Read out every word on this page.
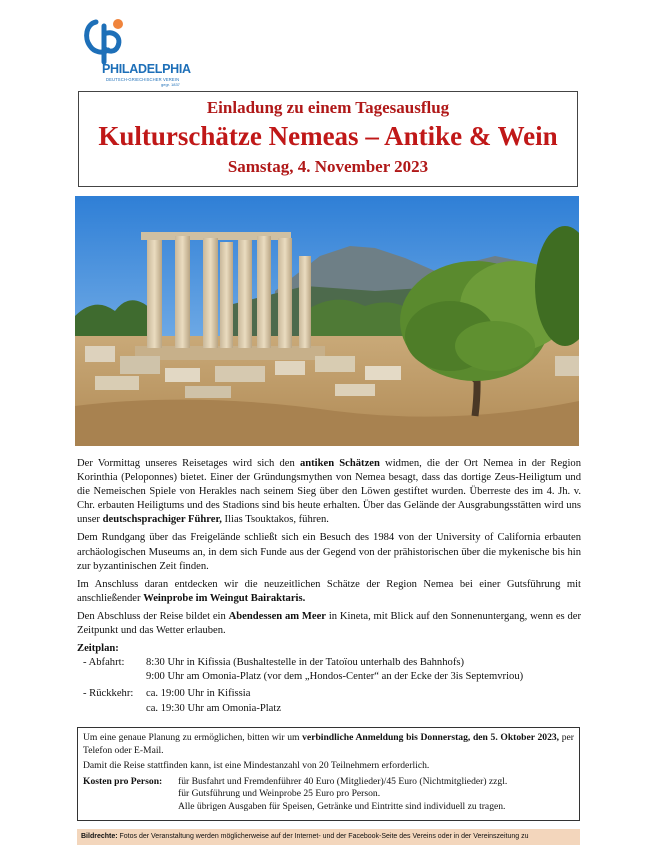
PHILADELPHIA
DEUTSCH-GRIECHISCHER VEREIN
gegr. 1837
Einladung zu einem Tagesausflug
Kulturschätze Nemeas – Antike & Wein
Samstag, 4. November 2023

Der Vormittag unseres Reisetages wird sich den antiken Schätzen widmen, die der Ort Nemea in der Region Korinthia (Peloponnes) bietet. Einer der Gründungsmythen von Nemea besagt, dass das dortige Zeus-Heiligtum und die Nemeischen Spiele von Herakles nach seinem Sieg über den Löwen gestiftet wurden. Überreste des im 4. Jh. v. Chr. erbauten Heiligtums und des Stadions sind bis heute erhalten. Über das Gelände der Ausgrabungsstätten wird uns unser deutschsprachiger Führer, Ilias Tsouktakos, führen.

Dem Rundgang über das Freigelände schließt sich ein Besuch des 1984 von der University of California erbauten archäologischen Museums an, in dem sich Funde aus der Gegend von der prähistorischen über die mykenische bis hin zur byzantinischen Zeit finden.

Im Anschluss daran entdecken wir die neuzeitlichen Schätze der Region Nemea bei einer Gutsführung mit anschließender Weinprobe im Weingut Bairaktaris.

Den Abschluss der Reise bildet ein Abendessen am Meer in Kineta, mit Blick auf den Sonnenuntergang, wenn es der Zeitpunkt und das Wetter erlauben.

Zeitplan:
- Abfahrt: 8:30 Uhr in Kifissia (Bushaltestelle in der Tatoïou unterhalb des Bahnhofs)
9:00 Uhr am Omonia-Platz (vor dem „Hondos-Center“ an der Ecke der 3is Septemvriou)
- Rückkehr: ca. 19:00 Uhr in Kifissia
ca. 19:30 Uhr am Omonia-Platz

Um eine genaue Planung zu ermöglichen, bitten wir um verbindliche Anmeldung bis Donnerstag, den 5. Oktober 2023, per Telefon oder E-Mail.

Damit die Reise stattfinden kann, ist eine Mindestanzahl von 20 Teilnehmern erforderlich.

Kosten pro Person: für Busfahrt und Fremdenführer 40 Euro (Mitglieder)/45 Euro (Nichtmitglieder) zzgl.
für Gutsführung und Weinprobe 25 Euro pro Person.
Alle übrigen Ausgaben für Speisen, Getränke und Eintritte sind individuell zu tragen.
Bildrechte: Fotos der Veranstaltung werden möglicherweise auf der Internet- und der Facebook-Seite des Vereins oder in der Vereinszeitung zu
